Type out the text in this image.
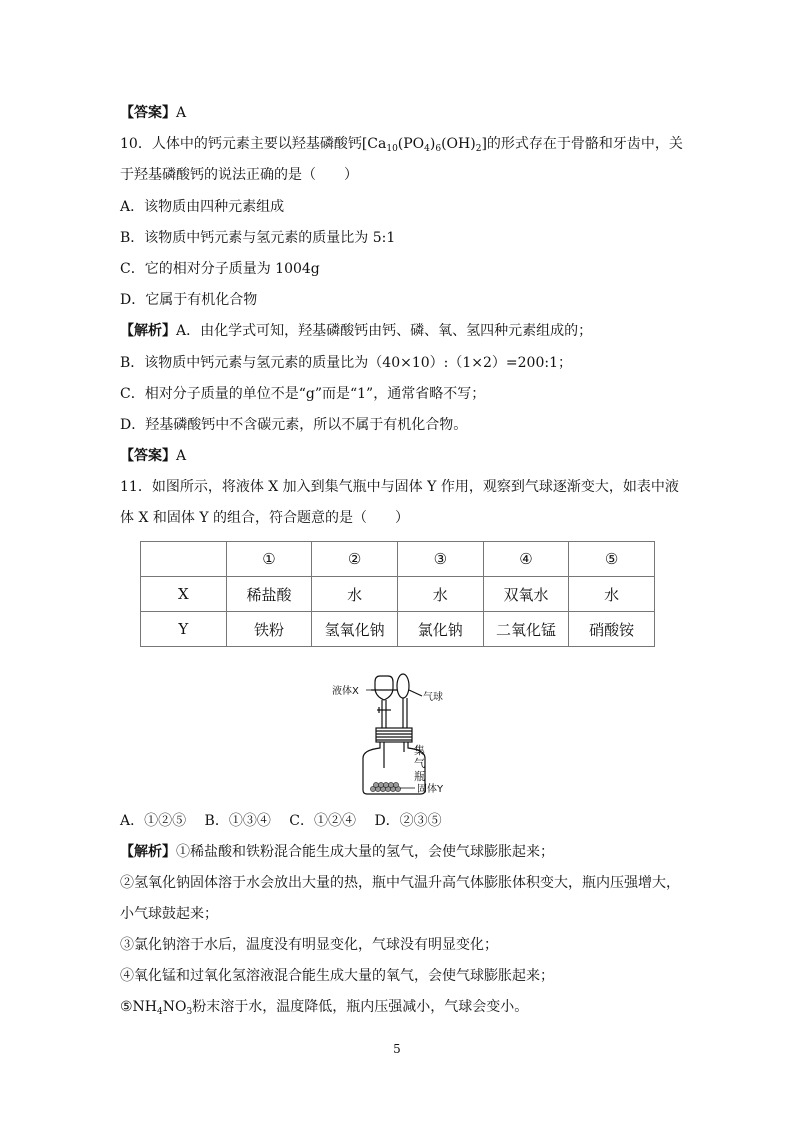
【答案】A
10．人体中的钙元素主要以羟基磷酸钙$[Ca_{10}(PO_4)_6(OH)_2]$的形式存在于骨骼和牙齿中，关
于羟基磷酸钙的说法正确的是（　　）
A．该物质由四种元素组成
B．该物质中钙元素与氢元素的质量比为 5:1
C．它的相对分子质量为 1004g
D．它属于有机化合物
【解析】A．由化学式可知，羟基磷酸钙由钙、磷、氧、氢四种元素组成的；
B．该物质中钙元素与氢元素的质量比为（40×10）:（1×2）=200:1；
C．相对分子质量的单位不是“g”而是“1”，通常省略不写；
D．羟基磷酸钙中不含碳元素，所以不属于有机化合物。
【答案】A
11．如图所示，将液体 X 加入到集气瓶中与固体 Y 作用，观察到气球逐渐变大，如表中液
体 X 和固体 Y 的组合，符合题意的是（　　）
	①	②	③	④	⑤
X	稀盐酸	水	水	双氧水	水
Y	铁粉	氢氧化钠	氯化钠	二氧化锰	硝酸铵
液体X
气球
集
气
瓶
固体Y
A．①②⑤　 B．①③④　 C．①②④　 D．②③⑤
【解析】①稀盐酸和铁粉混合能生成大量的氢气，会使气球膨胀起来；
②氢氧化钠固体溶于水会放出大量的热，瓶中气温升高气体膨胀体积变大，瓶内压强增大，
小气球鼓起来；
③氯化钠溶于水后，温度没有明显变化，气球没有明显变化；
④氧化锰和过氧化氢溶液混合能生成大量的氧气，会使气球膨胀起来；
$⑤NH_4NO_3$粉末溶于水，温度降低，瓶内压强减小，气球会变小。
5
